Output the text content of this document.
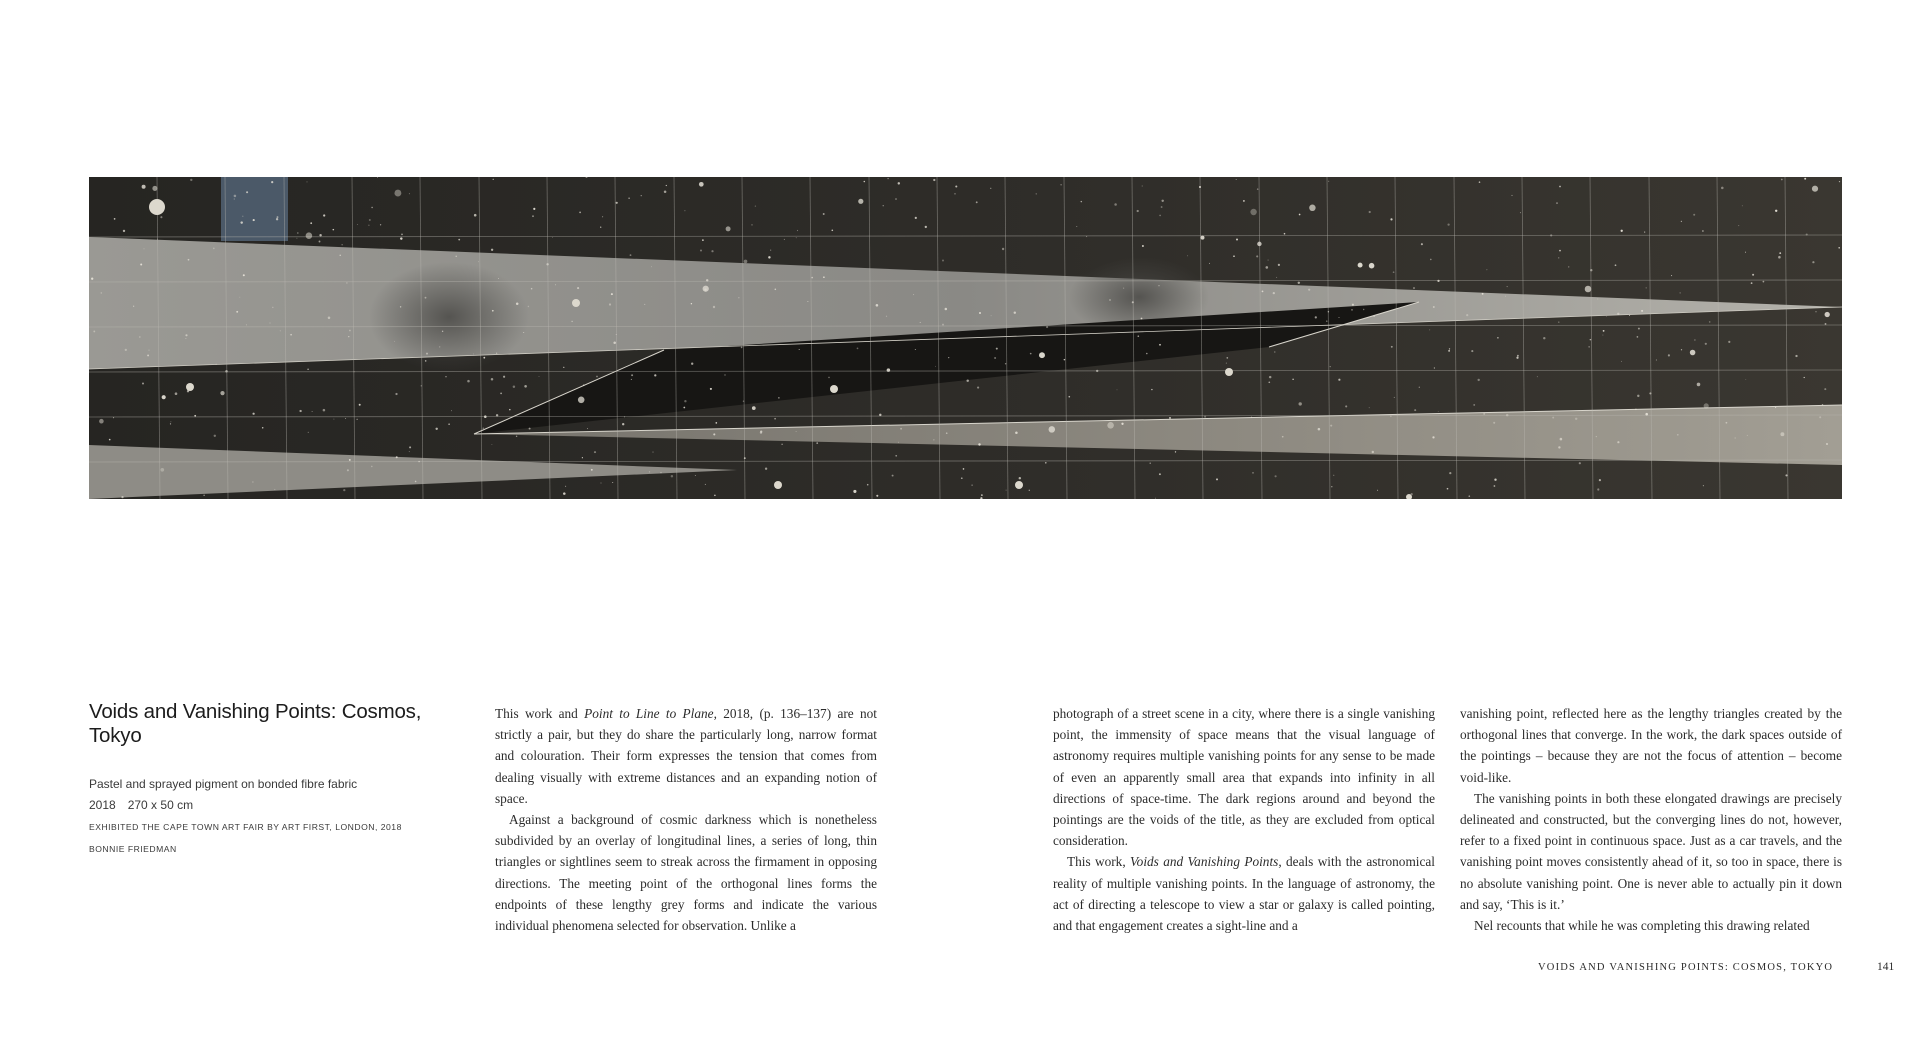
Voids and Vanishing Points: Cosmos, Tokyo
Pastel and sprayed pigment on bonded fibre fabric
2018 270 x 50 cm
EXHIBITED THE CAPE TOWN ART FAIR BY ART FIRST, LONDON, 2018
BONNIE FRIEDMAN

This work and Point to Line to Plane, 2018, (p. 136–137) are not strictly a pair, but they do share the particularly long, narrow format and colouration. Their form expresses the tension that comes from dealing visually with extreme distances and an expanding notion of space.

Against a background of cosmic darkness which is nonetheless subdivided by an overlay of longitudinal lines, a series of long, thin triangles or sightlines seem to streak across the firmament in opposing directions. The meeting point of the orthogonal lines forms the endpoints of these lengthy grey forms and indicate the various individual phenomena selected for observation. Unlike a

photograph of a street scene in a city, where there is a single vanishing point, the immensity of space means that the visual language of astronomy requires multiple vanishing points for any sense to be made of even an apparently small area that expands into infinity in all directions of space-time. The dark regions around and beyond the pointings are the voids of the title, as they are excluded from optical consideration.

This work, Voids and Vanishing Points, deals with the astronomical reality of multiple vanishing points. In the language of astronomy, the act of directing a telescope to view a star or galaxy is called pointing, and that engagement creates a sight-line and a

vanishing point, reflected here as the lengthy triangles created by the orthogonal lines that converge. In the work, the dark spaces outside of the pointings – because they are not the focus of attention – become void-like.

The vanishing points in both these elongated drawings are precisely delineated and constructed, but the converging lines do not, however, refer to a fixed point in continuous space. Just as a car travels, and the vanishing point moves consistently ahead of it, so too in space, there is no absolute vanishing point. One is never able to actually pin it down and say, ‘This is it.’

Nel recounts that while he was completing this drawing related

VOIDS AND VANISHING POINTS: COSMOS, TOKYO	141
